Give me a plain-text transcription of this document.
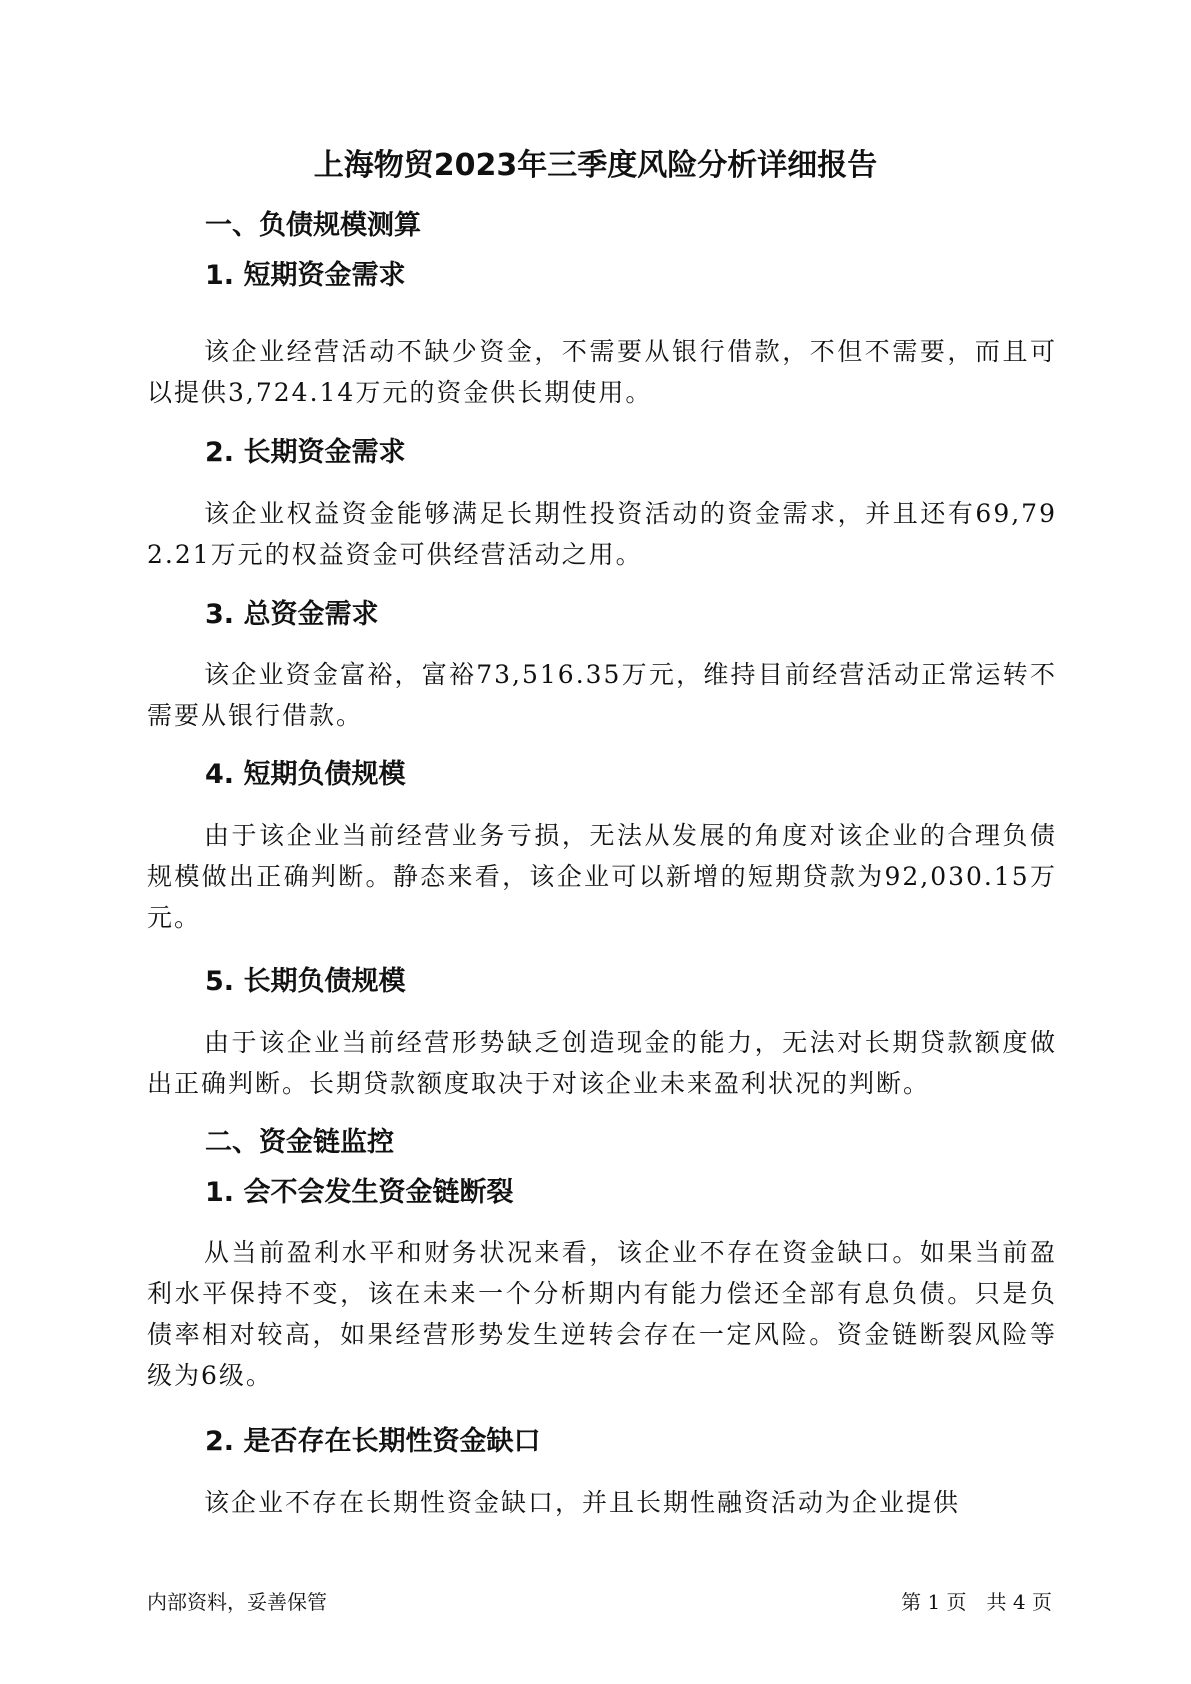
上海物贸2023年三季度风险分析详细报告
一、负债规模测算
1. 短期资金需求

该企业经营活动不缺少资金，不需要从银行借款，不但不需要，而且可以提供3,724.14万元的资金供长期使用。

2. 长期资金需求

该企业权益资金能够满足长期性投资活动的资金需求，并且还有69,792.21万元的权益资金可供经营活动之用。

3. 总资金需求

该企业资金富裕，富裕73,516.35万元，维持目前经营活动正常运转不需要从银行借款。

4. 短期负债规模

由于该企业当前经营业务亏损，无法从发展的角度对该企业的合理负债规模做出正确判断。静态来看，该企业可以新增的短期贷款为92,030.15万元。

5. 长期负债规模

由于该企业当前经营形势缺乏创造现金的能力，无法对长期贷款额度做出正确判断。长期贷款额度取决于对该企业未来盈利状况的判断。

二、资金链监控
1. 会不会发生资金链断裂

从当前盈利水平和财务状况来看，该企业不存在资金缺口。如果当前盈利水平保持不变，该在未来一个分析期内有能力偿还全部有息负债。只是负债率相对较高，如果经营形势发生逆转会存在一定风险。资金链断裂风险等级为6级。

2. 是否存在长期性资金缺口

该企业不存在长期性资金缺口，并且长期性融资活动为企业提供

内部资料，妥善保管	第 1 页　共 4 页
